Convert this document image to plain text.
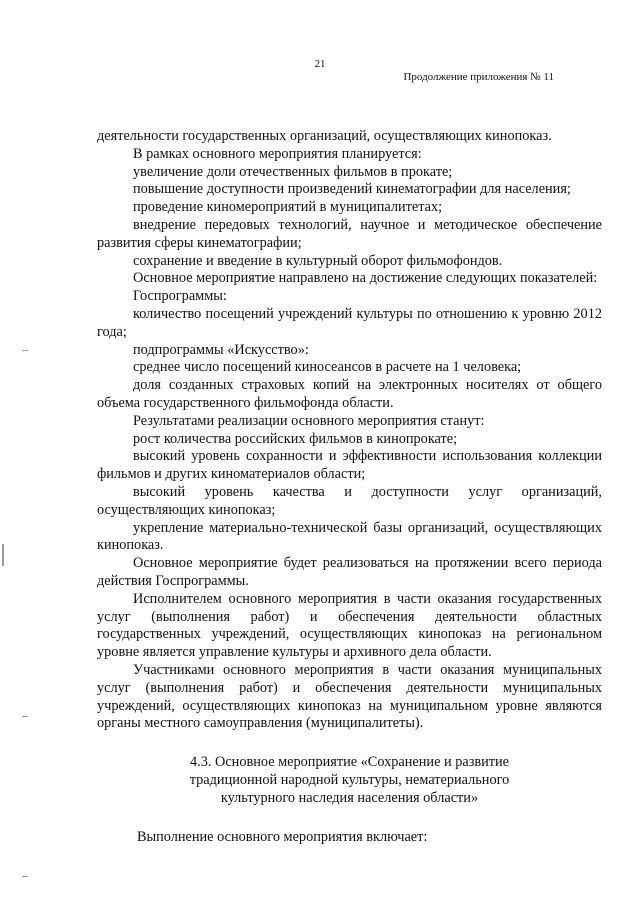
21
Продолжение приложения № 11

деятельности государственных организаций, осуществляющих кинопоказ.

В рамках основного мероприятия планируется:

увеличение доли отечественных фильмов в прокате;

повышение доступности произведений кинематографии для населения;

проведение киномероприятий в муниципалитетах;

внедрение передовых технологий, научное и методическое обеспечение развития сферы кинематографии;

сохранение и введение в культурный оборот фильмофондов.

Основное мероприятие направлено на достижение следующих показателей:

Госпрограммы:

количество посещений учреждений культуры по отношению к уровню 2012 года;

подпрограммы «Искусство»:

среднее число посещений киносеансов в расчете на 1 человека;

доля созданных страховых копий на электронных носителях от общего объема государственного фильмофонда области.

Результатами реализации основного мероприятия станут:

рост количества российских фильмов в кинопрокате;

высокий уровень сохранности и эффективности использования коллекции фильмов и других киноматериалов области;

высокий уровень качества и доступности услуг организаций, осуществляющих кинопоказ;

укрепление материально-технической базы организаций, осуществляющих кинопоказ.

Основное мероприятие будет реализоваться на протяжении всего периода действия Госпрограммы.

Исполнителем основного мероприятия в части оказания государственных услуг (выполнения работ) и обеспечения деятельности областных государственных учреждений, осуществляющих кинопоказ на региональном уровне является управление культуры и архивного дела области.

Участниками основного мероприятия в части оказания муниципальных услуг (выполнения работ) и обеспечения деятельности муниципальных учреждений, осуществляющих кинопоказ на муниципальном уровне являются органы местного самоуправления (муниципалитеты).

4.3. Основное мероприятие «Сохранение и развитие
традиционной народной культуры, нематериального
культурного наследия населения области»

Выполнение основного мероприятия включает:
